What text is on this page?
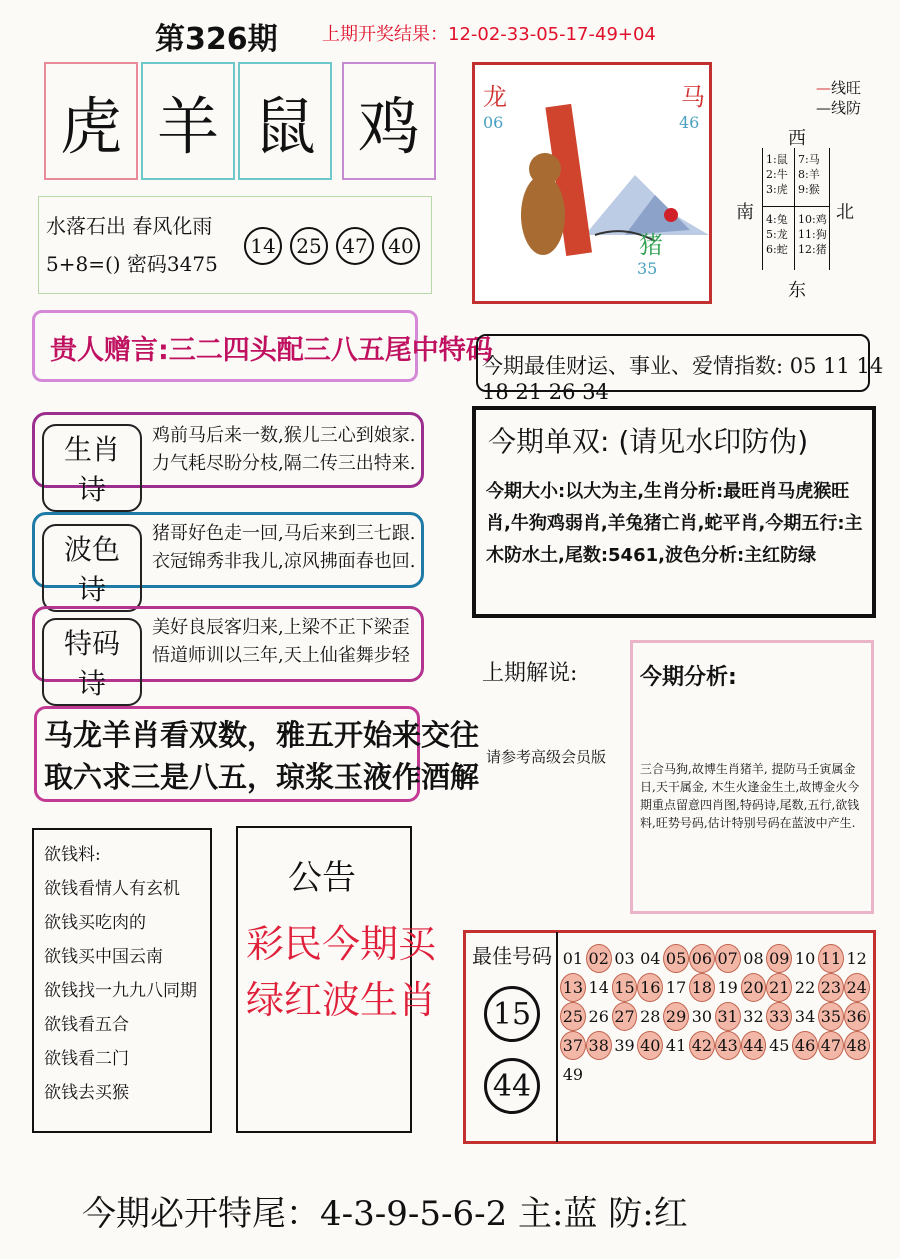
第326期 上期开奖结果：12-02-33-05-17-49+04
虎 羊 鼠 鸡
水落石出 春风化雨
5+8=() 密码3475
14	25	47	40
贵人赠言:三二四头配三八五尾中特码
生肖诗
鸡前马后来一数,猴儿三心到娘家.
力气耗尽盼分枝,隔二传三出特来.
波色诗
猪哥好色走一回,马后来到三七跟.
衣冠锦秀非我儿,凉风拂面春也回.
特码诗
美好良辰客归来,上梁不正下梁歪
悟道师训以三年,天上仙雀舞步轻
马龙羊肖看双数，雅五开始来交往
取六求三是八五，琼浆玉液作酒解
欲钱料:
欲钱看情人有玄机
欲钱买吃肉的
欲钱买中国云南
欲钱找一九九八同期
欲钱看五合
欲钱看二门
欲钱去买猴
公告
彩民今期买
绿红波生肖
龙
06
马
46
猪
35
—线旺
—线防
西
南	北
东
1:鼠
2:牛
3:虎
7:马
8:羊
9:猴
4:兔
5:龙
6:蛇
10:鸡
11:狗
12:猪
今期最佳财运、事业、爱情指数: 05 11 14 18 21 26 34
今期单双: (请见水印防伪)
今期大小:以大为主,生肖分析:最旺肖马虎猴旺肖,牛狗鸡弱肖,羊兔猪亡肖,蛇平肖,今期五行:主木防水土,尾数:5461,波色分析:主红防绿
上期解说:
请参考高级会员版
今期分析:
三合马狗,故博生肖猪羊, 提防马壬寅属金日,天干属金, 木生火逢金生土,故博金火今期重点留意四肖图,特码诗,尾数,五行,欲钱料,旺势号码,估计特别号码在蓝波中产生.
最佳号码
15
44
01 02 03 04 05 06 07 08 09 10 11 12
13 14 15 16 17 18 19 20 21 22 23 24
25 26 27 28 29 30 31 32 33 34 35 36
37 38 39 40 41 42 43 44 45 46 47 48
49
今期必开特尾：4-3-9-5-6-2 主:蓝 防:红
